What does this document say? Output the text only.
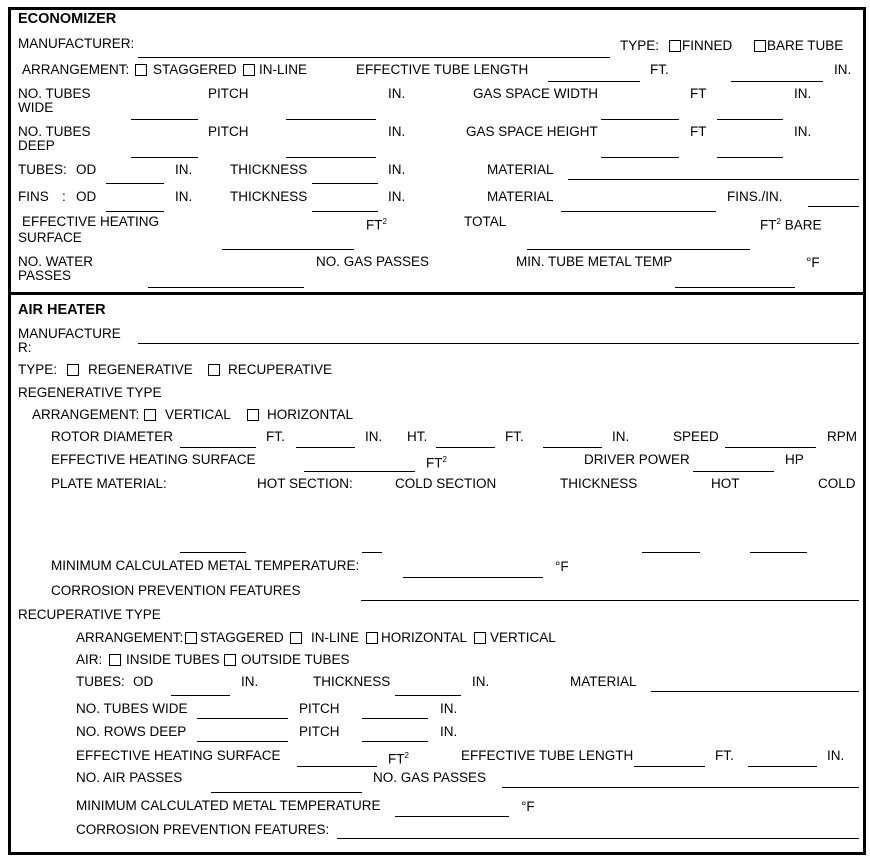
ECONOMIZER
MANUFACTURER:	TYPE: FINNED	BARE TUBE
ARRANGEMENT: STAGGERED IN-LINE	EFFECTIVE TUBE LENGTH	FT.	IN.
NO. TUBES
WIDE
PITCH	IN.	GAS SPACE WIDTH	FT	IN.
NO. TUBES
DEEP
PITCH	IN.	GAS SPACE HEIGHT	FT	IN.
TUBES: OD	IN.	THICKNESS	IN.	MATERIAL
FINS : OD	IN.	THICKNESS	IN.	MATERIAL	FINS./IN.
EFFECTIVE HEATING
SURFACE
$FT^2$	TOTAL	$FT^2$ BARE
NO. WATER
PASSES
NO. GAS PASSES	MIN. TUBE METAL TEMP	°F
AIR HEATER
MANUFACTURE
R:
TYPE: REGENERATIVE	RECUPERATIVE
REGENERATIVE TYPE
ARRANGEMENT: VERTICAL	HORIZONTAL
ROTOR DIAMETER	FT.	IN. HT.	FT.	IN.	SPEED	RPM
EFFECTIVE HEATING SURFACE	$FT^2$	DRIVER POWER	HP
PLATE MATERIAL:	HOT SECTION:	COLD SECTION	THICKNESS	HOT	COLD
MINIMUM CALCULATED METAL TEMPERATURE:	°F
CORROSION PREVENTION FEATURES
RECUPERATIVE TYPE
ARRANGEMENT: STAGGERED IN-LINE HORIZONTAL VERTICAL
AIR: INSIDE TUBES OUTSIDE TUBES
TUBES: OD	IN.	THICKNESS	IN.	MATERIAL
NO. TUBES WIDE	PITCH	IN.
NO. ROWS DEEP	PITCH	IN.
EFFECTIVE HEATING SURFACE	$FT^2$	EFFECTIVE TUBE LENGTH	FT.	IN.
NO. AIR PASSES	NO. GAS PASSES
MINIMUM CALCULATED METAL TEMPERATURE	°F
CORROSION PREVENTION FEATURES:
